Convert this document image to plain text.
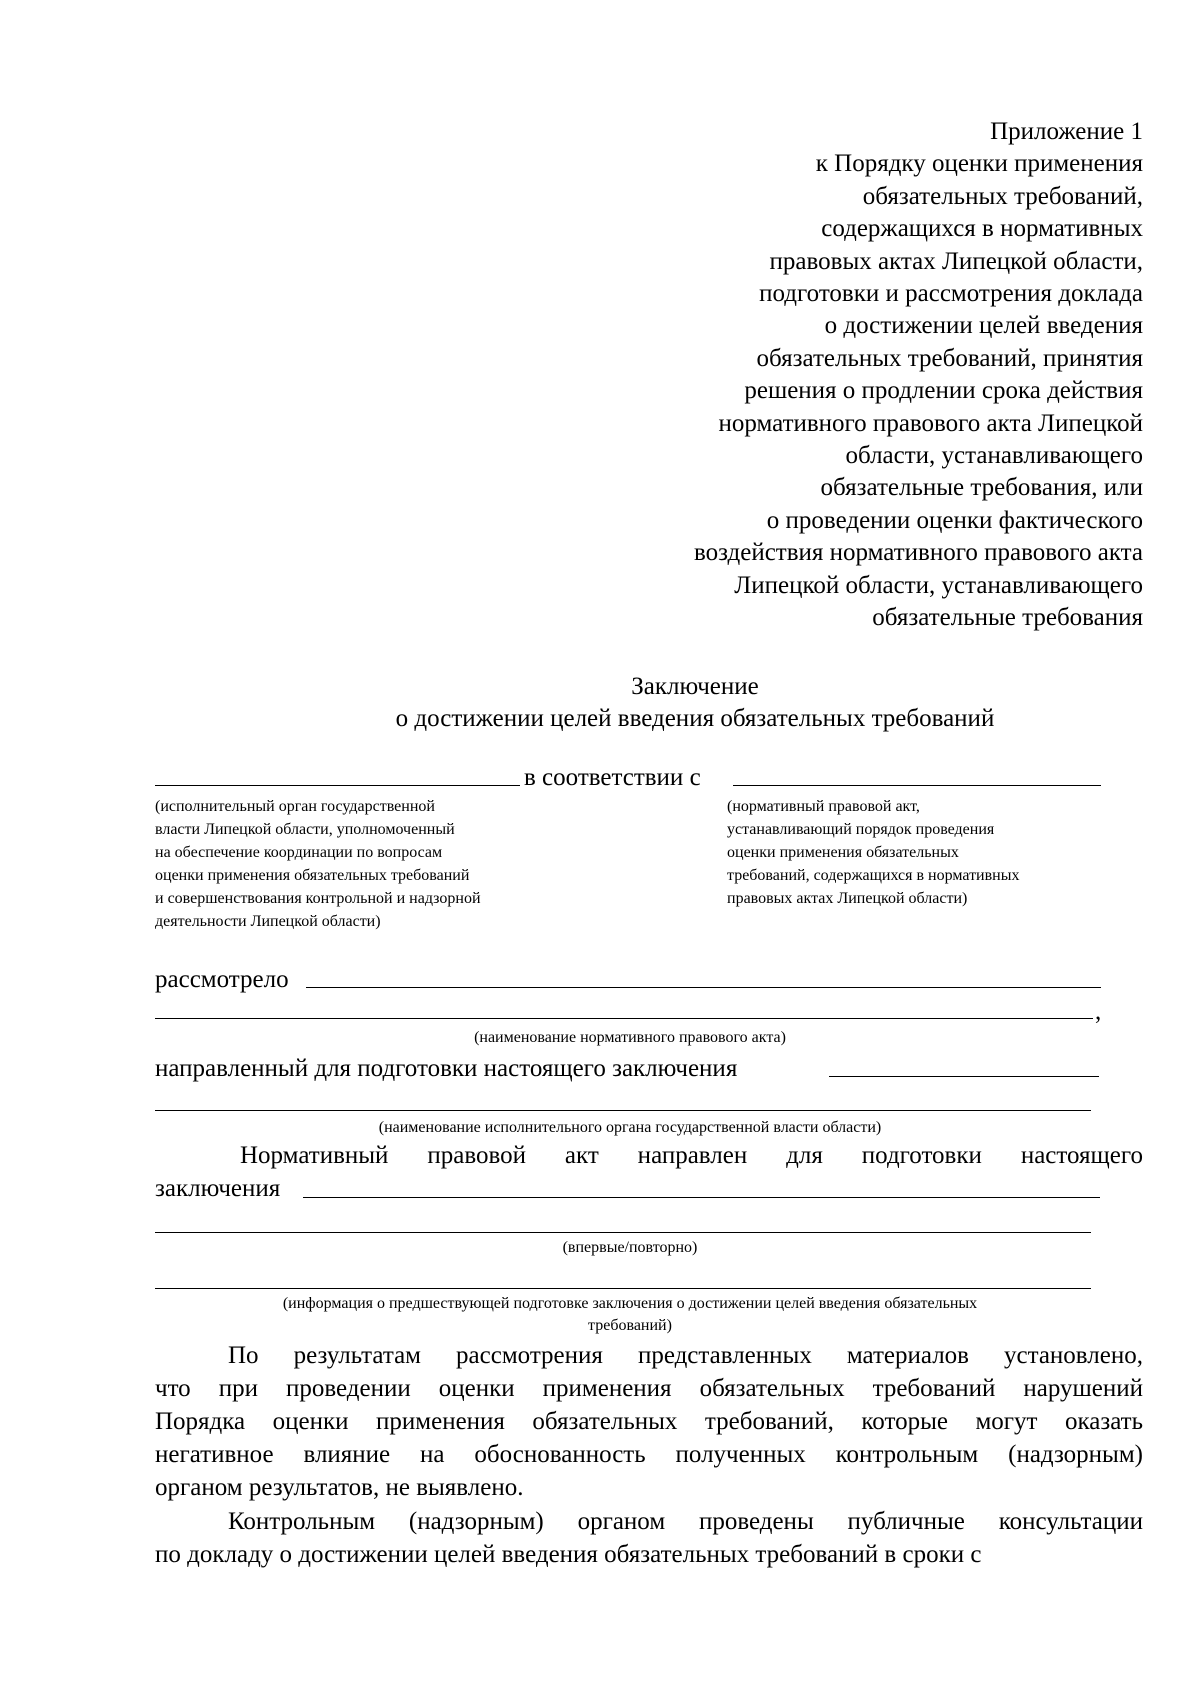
Приложение 1
к Порядку оценки применения
обязательных требований,
содержащихся в нормативных
правовых актах Липецкой области,
подготовки и рассмотрения доклада
о достижении целей введения
обязательных требований, принятия
решения о продлении срока действия
нормативного правового акта Липецкой
области, устанавливающего
обязательные требования, или
о проведении оценки фактического
воздействия нормативного правового акта
Липецкой области, устанавливающего
обязательные требования
Заключение
о достижении целей введения обязательных требований
в соответствии с
(исполнительный орган государственной
власти Липецкой области, уполномоченный
на обеспечение координации по вопросам
оценки применения обязательных требований
и совершенствования контрольной и надзорной
деятельности Липецкой области)
(нормативный правовой акт,
устанавливающий порядок проведения
оценки применения обязательных
требований, содержащихся в нормативных
правовых актах Липецкой области)
рассмотрело
,
(наименование нормативного правового акта)
направленный для подготовки настоящего заключения
(наименование исполнительного органа государственной власти области)
Нормативный правовой акт направлен для подготовки настоящего
заключения
(впервые/повторно)
(информация о предшествующей подготовке заключения о достижении целей введения обязательных
требований)
По результатам рассмотрения представленных материалов установлено,
что при проведении оценки применения обязательных требований нарушений
Порядка оценки применения обязательных требований, которые могут оказать
негативное влияние на обоснованность полученных контрольным (надзорным)
органом результатов, не выявлено.
Контрольным (надзорным) органом проведены публичные консультации
по докладу о достижении целей введения обязательных требований в сроки с
